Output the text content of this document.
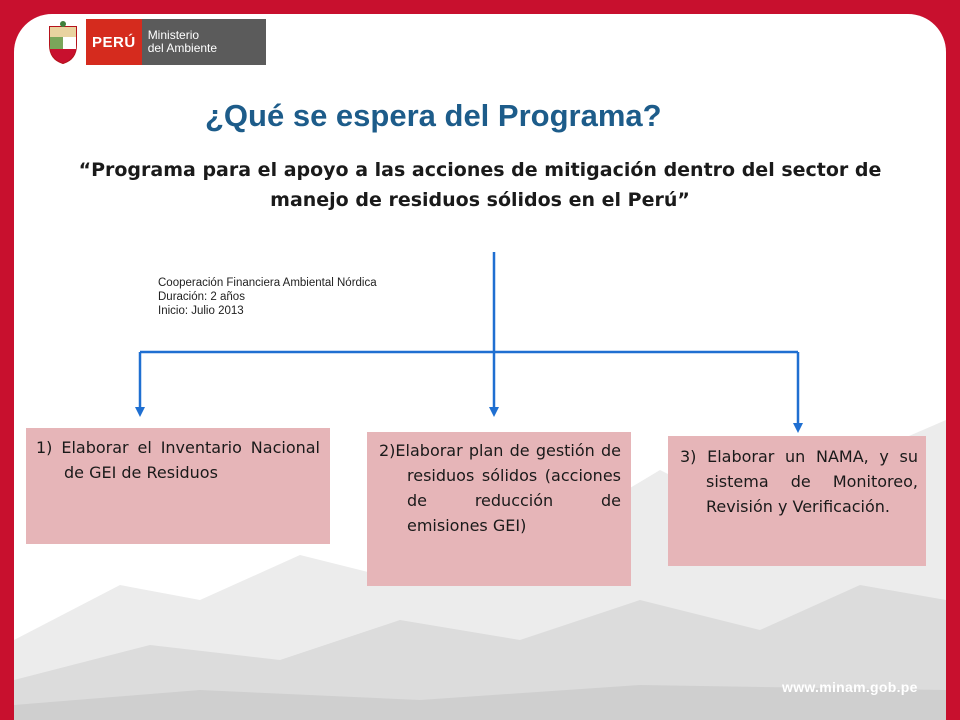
PERÚ	Ministerio
del Ambiente
¿Qué se espera del Programa?
“Programa para el apoyo a las acciones de mitigación dentro del sector de manejo de residuos sólidos en el Perú”
Cooperación Financiera Ambiental Nórdica
Duración: 2 años
Inicio: Julio 2013
1) Elaborar el Inventario Nacional de GEI de Residuos
2)Elaborar plan de gestión de residuos sólidos (acciones de reducción de emisiones GEI)
3) Elaborar un NAMA, y su sistema de Monitoreo, Revisión y Verificación.
www.minam.gob.pe
